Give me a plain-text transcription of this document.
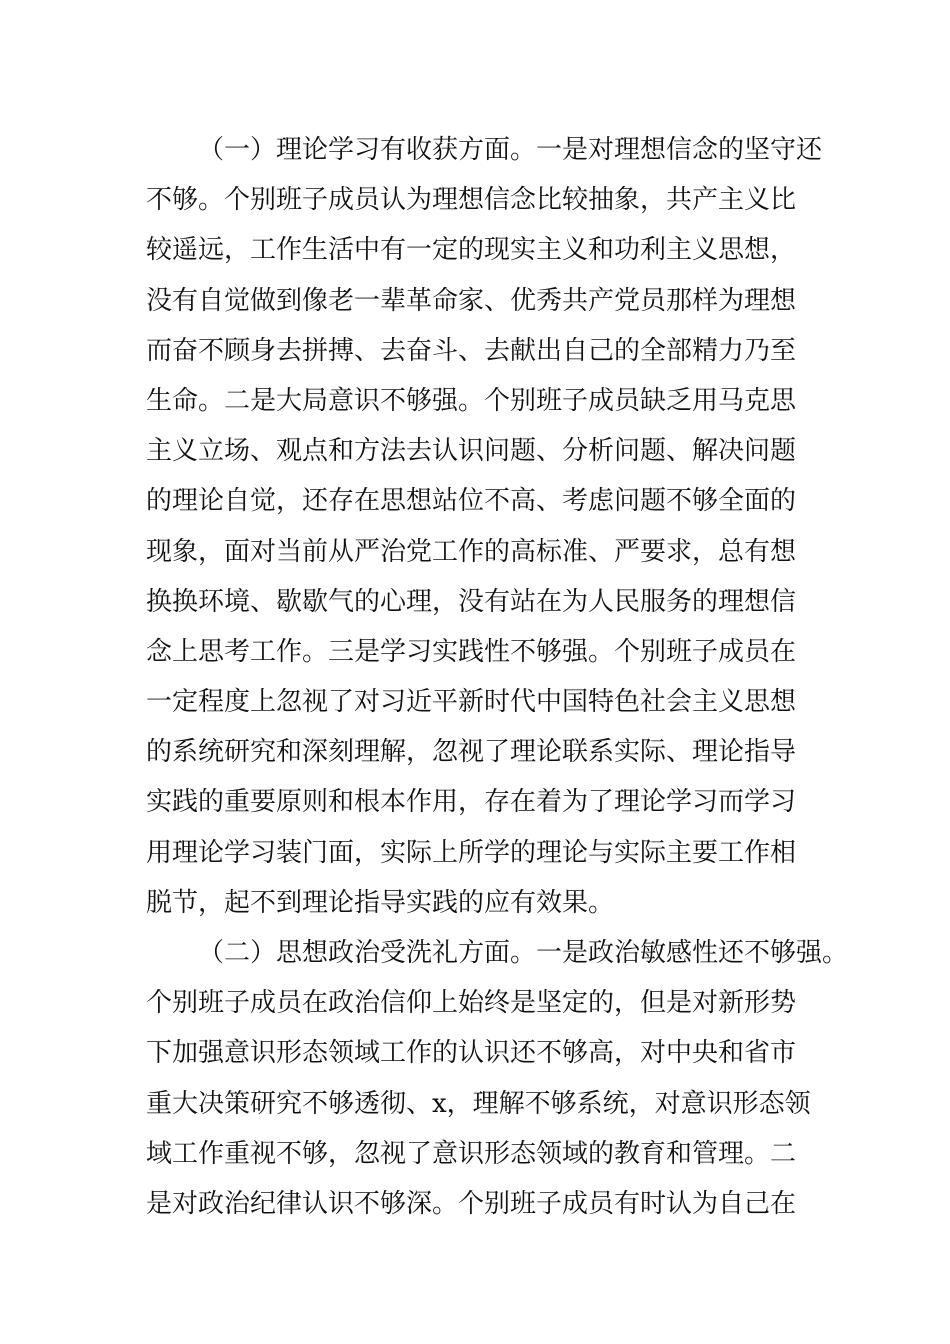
（一）理论学习有收获方面。一是对理想信念的坚守还
不够。个别班子成员认为理想信念比较抽象，共产主义比
较遥远，工作生活中有一定的现实主义和功利主义思想，
没有自觉做到像老一辈革命家、优秀共产党员那样为理想
而奋不顾身去拼搏、去奋斗、去献出自己的全部精力乃至
生命。二是大局意识不够强。个别班子成员缺乏用马克思
主义立场、观点和方法去认识问题、分析问题、解决问题
的理论自觉，还存在思想站位不高、考虑问题不够全面的
现象，面对当前从严治党工作的高标准、严要求，总有想
换换环境、歇歇气的心理，没有站在为人民服务的理想信
念上思考工作。三是学习实践性不够强。个别班子成员在
一定程度上忽视了对习近平新时代中国特色社会主义思想
的系统研究和深刻理解，忽视了理论联系实际、理论指导
实践的重要原则和根本作用，存在着为了理论学习而学习
用理论学习装门面，实际上所学的理论与实际主要工作相
脱节，起不到理论指导实践的应有效果。
（二）思想政治受洗礼方面。一是政治敏感性还不够强。
个别班子成员在政治信仰上始终是坚定的，但是对新形势
下加强意识形态领域工作的认识还不够高，对中央和省市
重大决策研究不够透彻、x，理解不够系统，对意识形态领
域工作重视不够，忽视了意识形态领域的教育和管理。二
是对政治纪律认识不够深。个别班子成员有时认为自己在
